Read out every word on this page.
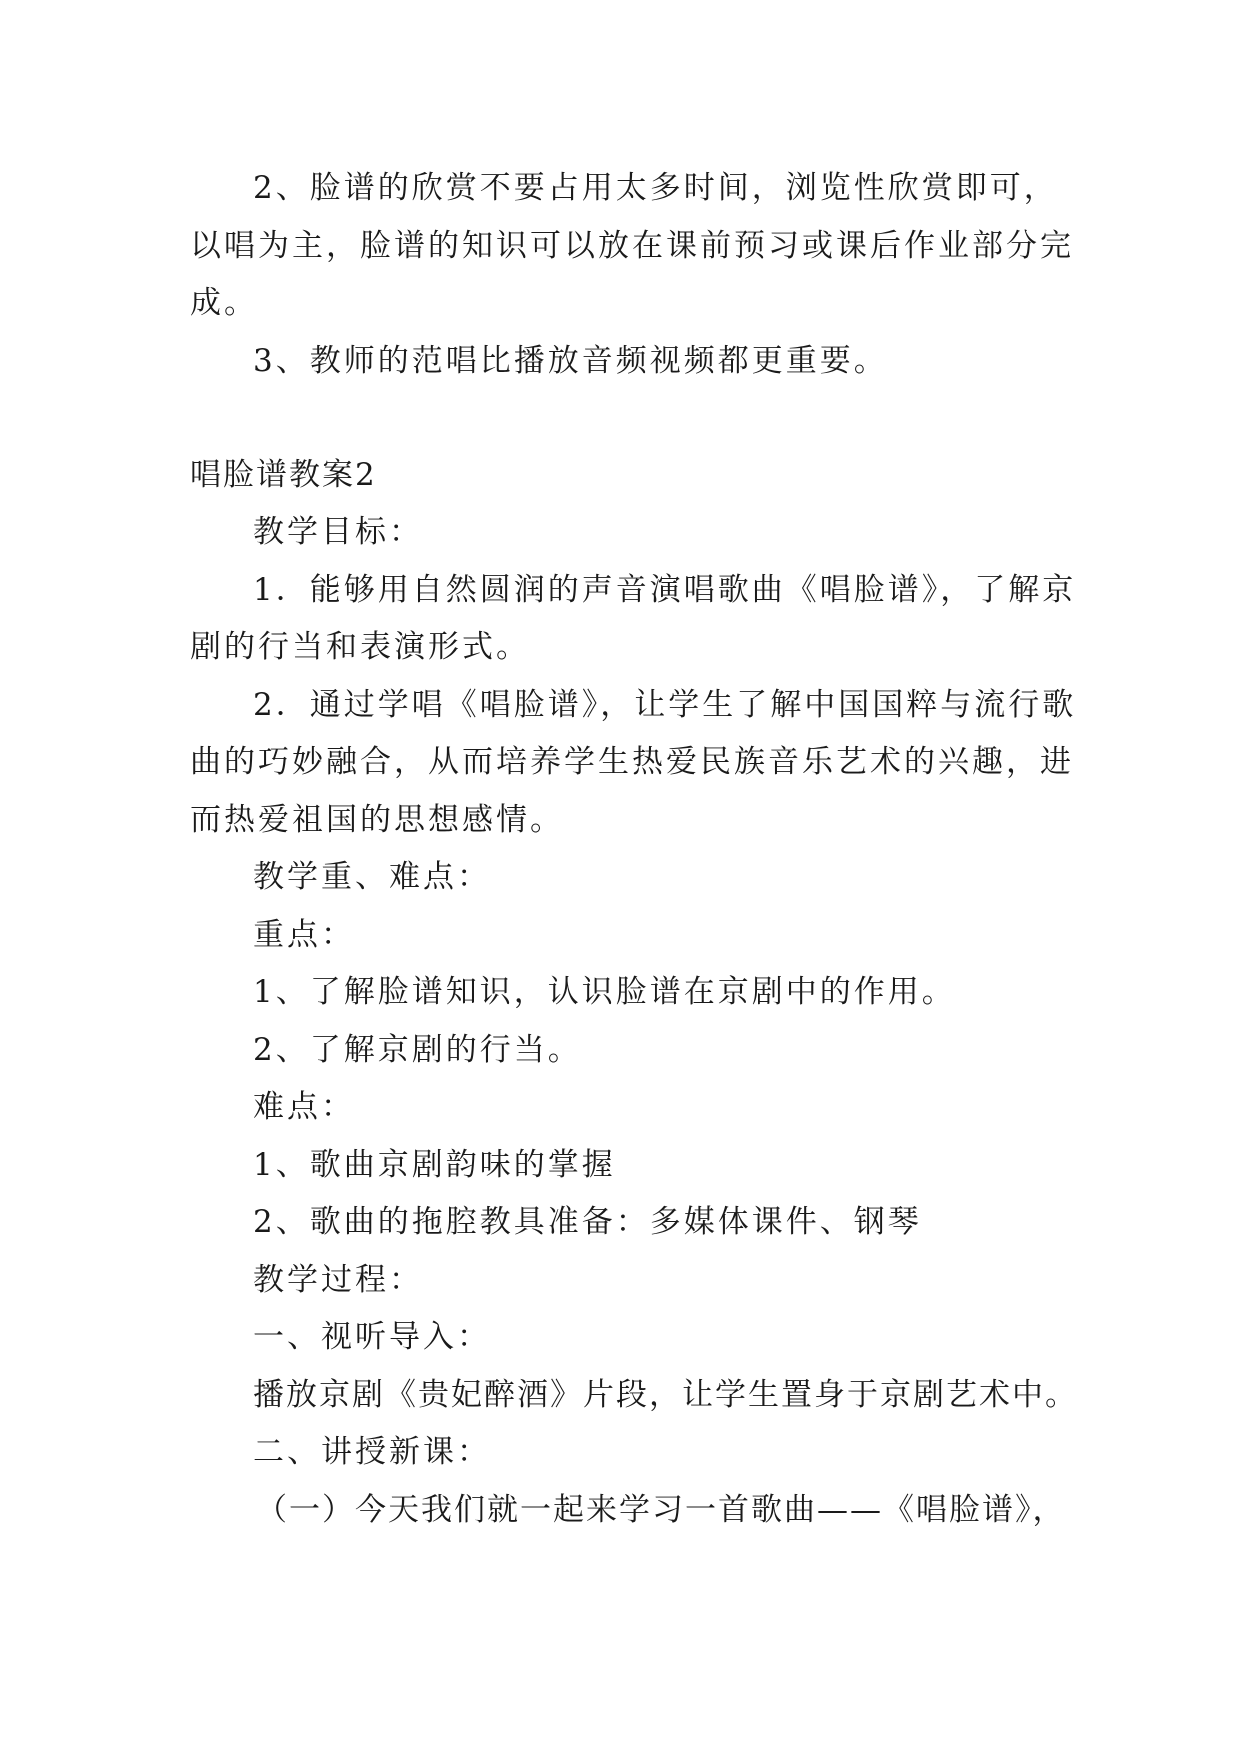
2、脸谱的欣赏不要占用太多时间，浏览性欣赏即可，
以唱为主，脸谱的知识可以放在课前预习或课后作业部分完
成。
3、教师的范唱比播放音频视频都更重要。
唱脸谱教案2
教学目标：
1．能够用自然圆润的声音演唱歌曲《唱脸谱》，了解京
剧的行当和表演形式。
2．通过学唱《唱脸谱》，让学生了解中国国粹与流行歌
曲的巧妙融合，从而培养学生热爱民族音乐艺术的兴趣，进
而热爱祖国的思想感情。
教学重、难点：
重点：
1、了解脸谱知识，认识脸谱在京剧中的作用。
2、了解京剧的行当。
难点：
1、歌曲京剧韵味的掌握
2、歌曲的拖腔教具准备：多媒体课件、钢琴
教学过程：
一、视听导入：
播放京剧《贵妃醉酒》片段，让学生置身于京剧艺术中。
二、讲授新课：
（一）今天我们就一起来学习一首歌曲——《唱脸谱》，
